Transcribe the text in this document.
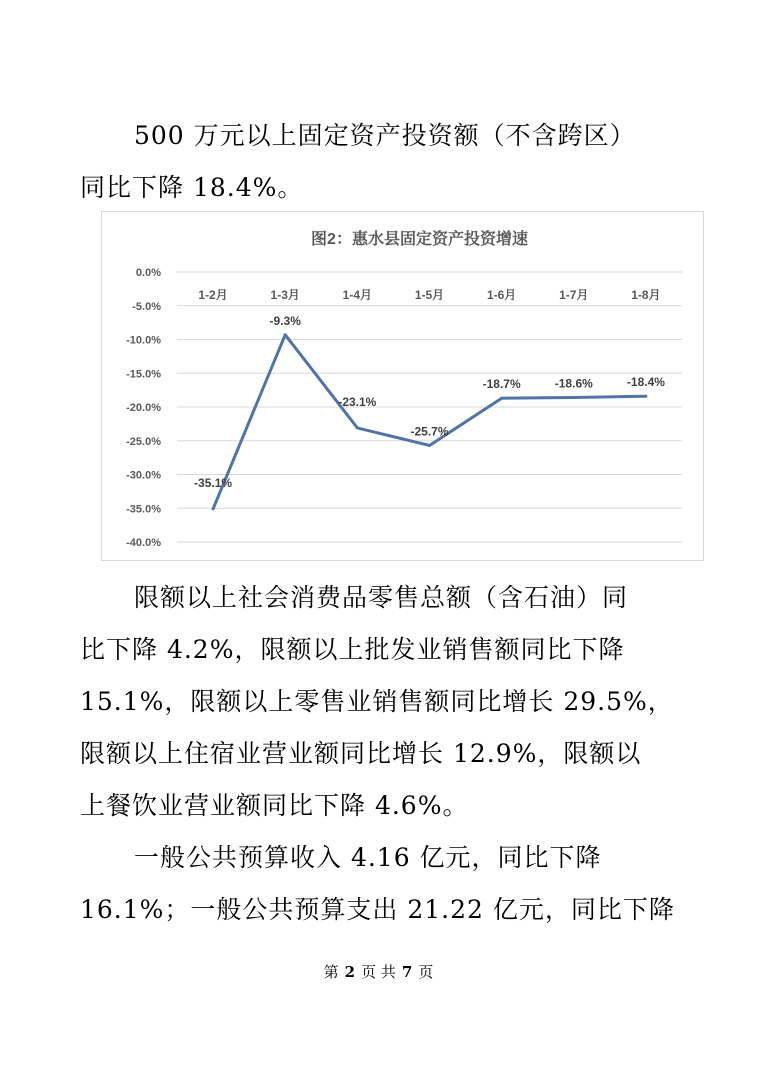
500 万元以上固定资产投资额（不含跨区）
同比下降 18.4%。
图2：惠水县固定资产投资增速
0.0%
-5.0%
-10.0%
-15.0%
-20.0%
-25.0%
-30.0%
-35.0%
-40.0%
1-2月	1-3月	1-4月	1-5月	1-6月	1-7月	1-8月
-35.1%
-9.3%
-23.1%
-25.7%
-18.7%	-18.6%	-18.4%
限额以上社会消费品零售总额（含石油）同
比下降 4.2%，限额以上批发业销售额同比下降
15.1%，限额以上零售业销售额同比增长 29.5%，
限额以上住宿业营业额同比增长 12.9%，限额以
上餐饮业营业额同比下降 4.6%。
一般公共预算收入 4.16 亿元，同比下降
16.1%；一般公共预算支出 21.22 亿元，同比下降
第 2 页 共 7 页
